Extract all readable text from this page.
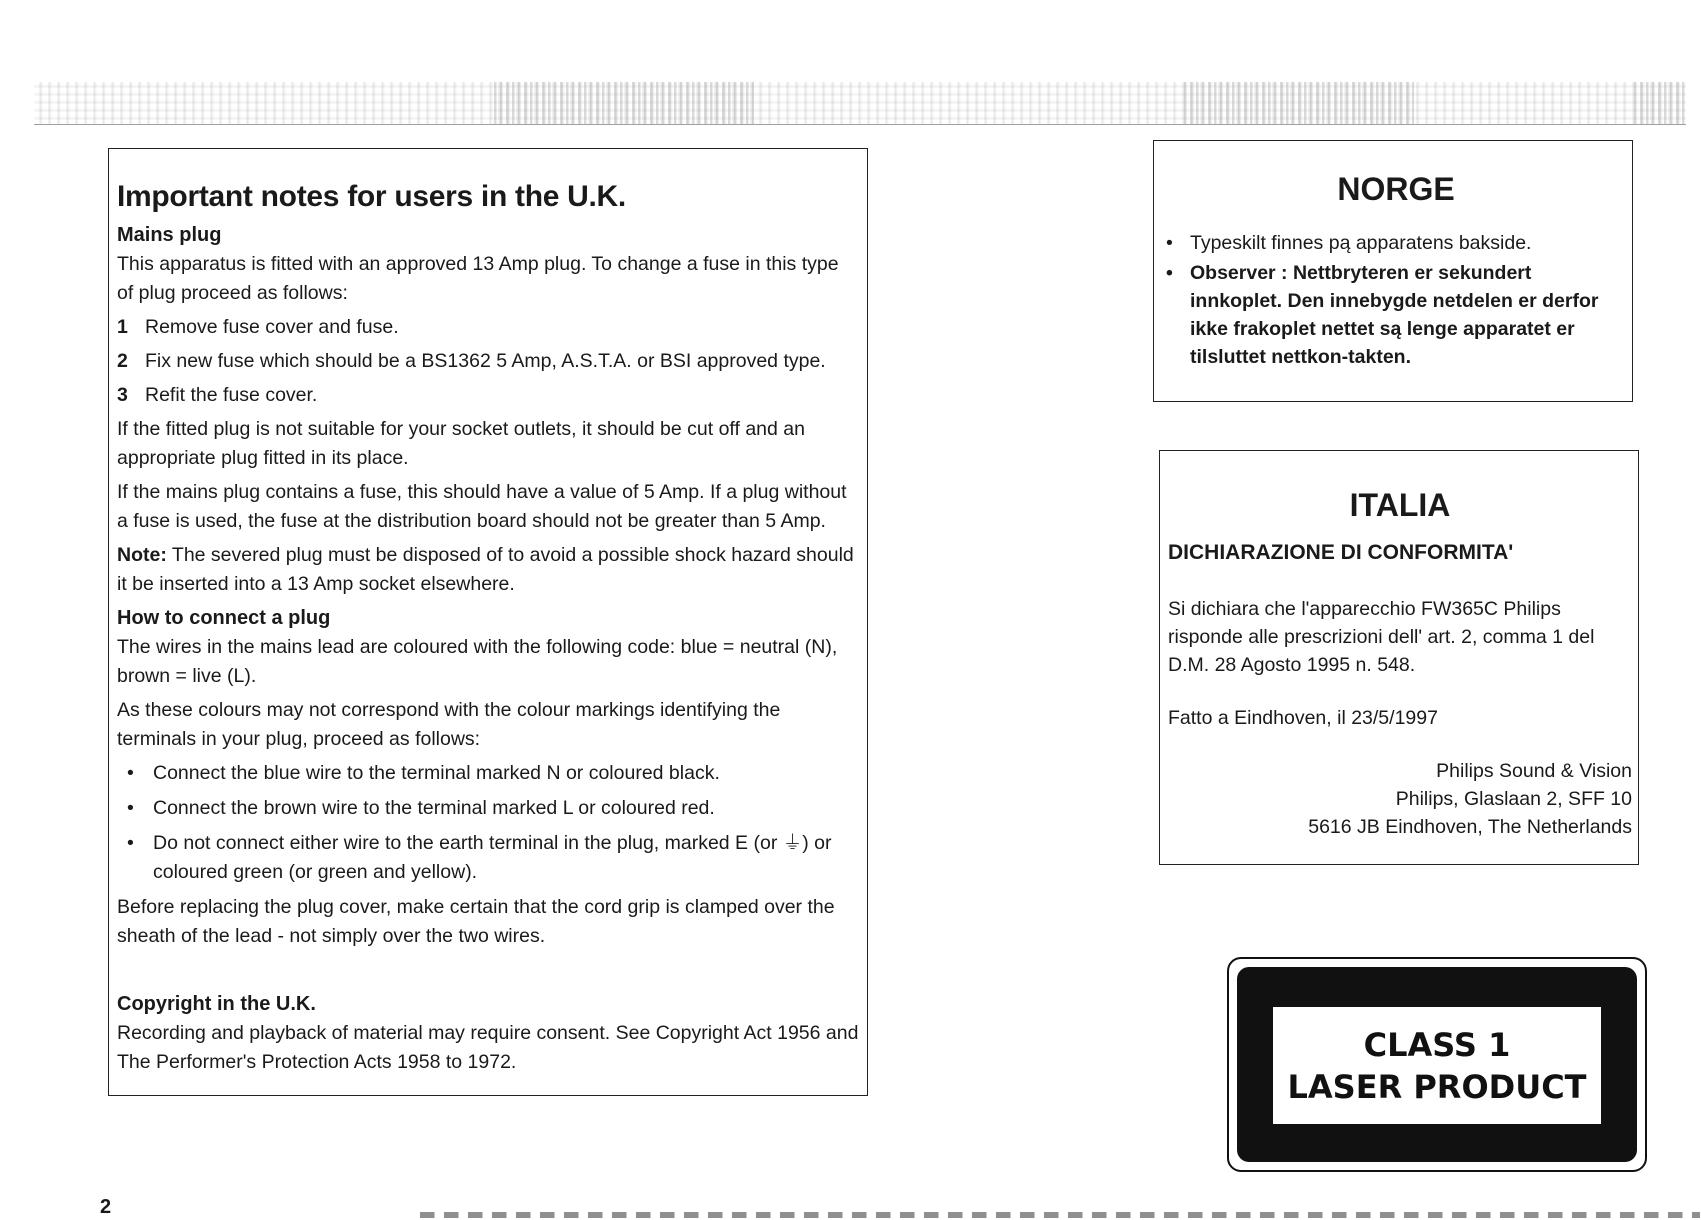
Important notes for users in the U.K.

Mains plug

This apparatus is fitted with an approved 13 Amp plug. To change a fuse in this type of plug proceed as follows:

1 Remove fuse cover and fuse.
2 Fix new fuse which should be a BS1362 5 Amp, A.S.T.A. or BSI approved type.
3 Refit the fuse cover.

If the fitted plug is not suitable for your socket outlets, it should be cut off and an appropriate plug fitted in its place.

If the mains plug contains a fuse, this should have a value of 5 Amp. If a plug without a fuse is used, the fuse at the distribution board should not be greater than 5 Amp.

Note: The severed plug must be disposed of to avoid a possible shock hazard should it be inserted into a 13 Amp socket elsewhere.

How to connect a plug

The wires in the mains lead are coloured with the following code: blue = neutral (N), brown = live (L).

As these colours may not correspond with the colour markings identifying the terminals in your plug, proceed as follows:

• Connect the blue wire to the terminal marked N or coloured black.
• Connect the brown wire to the terminal marked L or coloured red.
• Do not connect either wire to the earth terminal in the plug, marked E (or ⏚) or coloured green (or green and yellow).

Before replacing the plug cover, make certain that the cord grip is clamped over the sheath of the lead - not simply over the two wires.

Copyright in the U.K.

Recording and playback of material may require consent. See Copyright Act 1956 and The Performer's Protection Acts 1958 to 1972.

NORGE
• Typeskilt finnes pą apparatens bakside.
• Observer : Nettbryteren er sekundert innkoplet. Den innebygde netdelen er derfor ikke frakoplet nettet są lenge apparatet er tilsluttet nettkon-takten.
ITALIA

DICHIARAZIONE DI CONFORMITA'

Si dichiara che l'apparecchio FW365C Philips risponde alle prescrizioni dell' art. 2, comma 1 del D.M. 28 Agosto 1995 n. 548.

Fatto a Eindhoven, il 23/5/1997

Philips Sound & Vision

Philips, Glaslaan 2, SFF 10

5616 JB Eindhoven, The Netherlands

CLASS 1
LASER PRODUCT
2
